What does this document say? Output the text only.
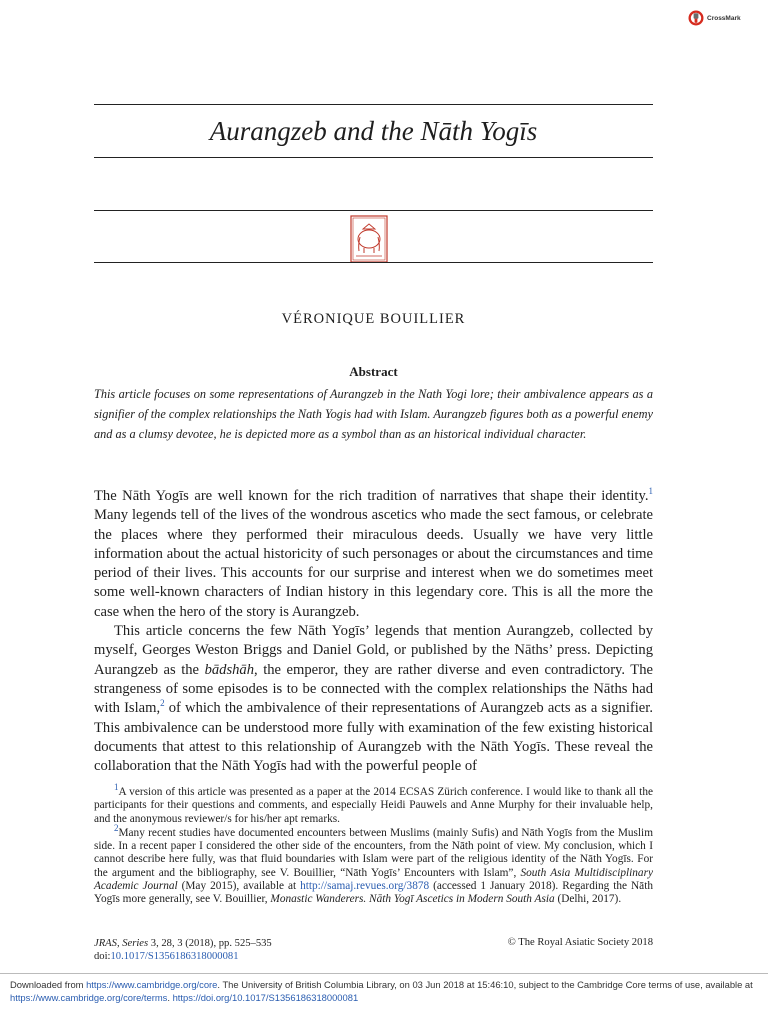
CrossMark
Aurangzeb and the Nāth Yogīs
VÉRONIQUE BOUILLIER
Abstract
This article focuses on some representations of Aurangzeb in the Nath Yogi lore; their ambivalence appears as a signifier of the complex relationships the Nath Yogis had with Islam. Aurangzeb figures both as a powerful enemy and as a clumsy devotee, he is depicted more as a symbol than as an historical individual character.

The Nāth Yogīs are well known for the rich tradition of narratives that shape their identity.$^1$ Many legends tell of the lives of the wondrous ascetics who made the sect famous, or celebrate the places where they performed their miraculous deeds. Usually we have very little information about the actual historicity of such personages or about the circumstances and time period of their lives. This accounts for our surprise and interest when we do sometimes meet some well-known characters of Indian history in this legendary core. This is all the more the case when the hero of the story is Aurangzeb.

This article concerns the few Nāth Yogīs’ legends that mention Aurangzeb, collected by myself, Georges Weston Briggs and Daniel Gold, or published by the Nāths’ press. Depicting Aurangzeb as the bādshāh, the emperor, they are rather diverse and even contradictory. The strangeness of some episodes is to be connected with the complex relationships the Nāths had with Islam,$^2$ of which the ambivalence of their representations of Aurangzeb acts as a signifier. This ambivalence can be understood more fully with examination of the few existing historical documents that attest to this relationship of Aurangzeb with the Nāth Yogīs. These reveal the collaboration that the Nāth Yogīs had with the powerful people of

$^1$A version of this article was presented as a paper at the 2014 ECSAS Zürich conference. I would like to thank all the participants for their questions and comments, and especially Heidi Pauwels and Anne Murphy for their invaluable help, and the anonymous reviewer/s for his/her apt remarks.

$^2$Many recent studies have documented encounters between Muslims (mainly Sufis) and Nāth Yogīs from the Muslim side. In a recent paper I considered the other side of the encounters, from the Nāth point of view. My conclusion, which I cannot describe here fully, was that fluid boundaries with Islam were part of the religious identity of the Nāth Yogīs. For the argument and the bibliography, see V. Bouillier, “Nāth Yogīs’ Encounters with Islam”, South Asia Multidisciplinary Academic Journal (May 2015), available at http://samaj.revues.org/3878 (accessed 1 January 2018). Regarding the Nāth Yogīs more generally, see V. Bouillier, Monastic Wanderers. Nāth Yogī Ascetics in Modern South Asia (Delhi, 2017).

JRAS, Series 3, 28, 3 (2018), pp. 525–535
doi:10.1017/S1356186318000081
© The Royal Asiatic Society 2018
Downloaded from https://www.cambridge.org/core. The University of British Columbia Library, on 03 Jun 2018 at 15:46:10, subject to the Cambridge Core terms of use, available at https://www.cambridge.org/core/terms. https://doi.org/10.1017/S1356186318000081
